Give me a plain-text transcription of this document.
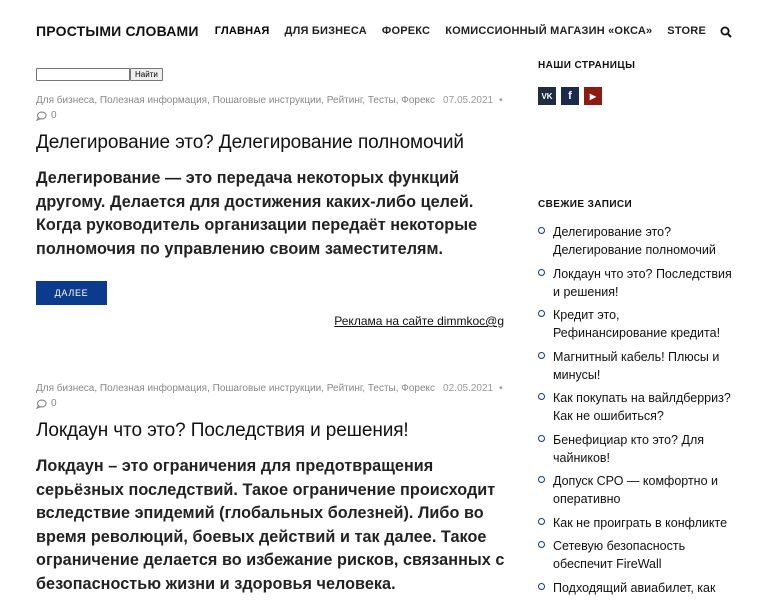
ПРОСТЫМИ СЛОВАМИ ГЛАВНАЯ ДЛЯ БИЗНЕСА ФОРЕКС КОМИССИОННЫЙ МАГАЗИН «ОКСА» STORE
Найти
Для бизнеса, Полезная информация, Пошаговые инструкции, Рейтинг, Тесты, Форекс 07.05.2021 •
0
Делегирование это? Делегирование полномочий

Делегирование — это передача некоторых функций другому. Делается для достижения каких-либо целей. Когда руководитель организации передаёт некоторые полномочия по управлению своим заместителям.

ДАЛЕЕ
Реклама на сайте dimmkoc@g
Для бизнеса, Полезная информация, Пошаговые инструкции, Рейтинг, Тесты, Форекс 02.05.2021 •
0
Локдаун что это? Последствия и решения!

Локдаун – это ограничения для предотвращения серьёзных последствий. Такое ограничение происходит вследствие эпидемий (глобальных болезней). Либо во время революций, боевых действий и так далее. Такое ограничение делается во избежание рисков, связанных с безопасностью жизни и здоровья человека.

НАШИ СТРАНИЦЫ
VK	f	▶
СВЕЖИЕ ЗАПИСИ
Делегирование это? Делегирование полномочий
Локдаун что это? Последствия и решения!
Кредит это, Рефинансирование кредита!
Магнитный кабель! Плюсы и минусы!
Как покупать на вайлдберриз? Как не ошибиться?
Бенефициар кто это? Для чайников!
Допуск СРО — комфортно и оперативно
Как не проиграть в конфликте
Сетевую безопасность обеспечит FireWall
Подходящий авиабилет, как
